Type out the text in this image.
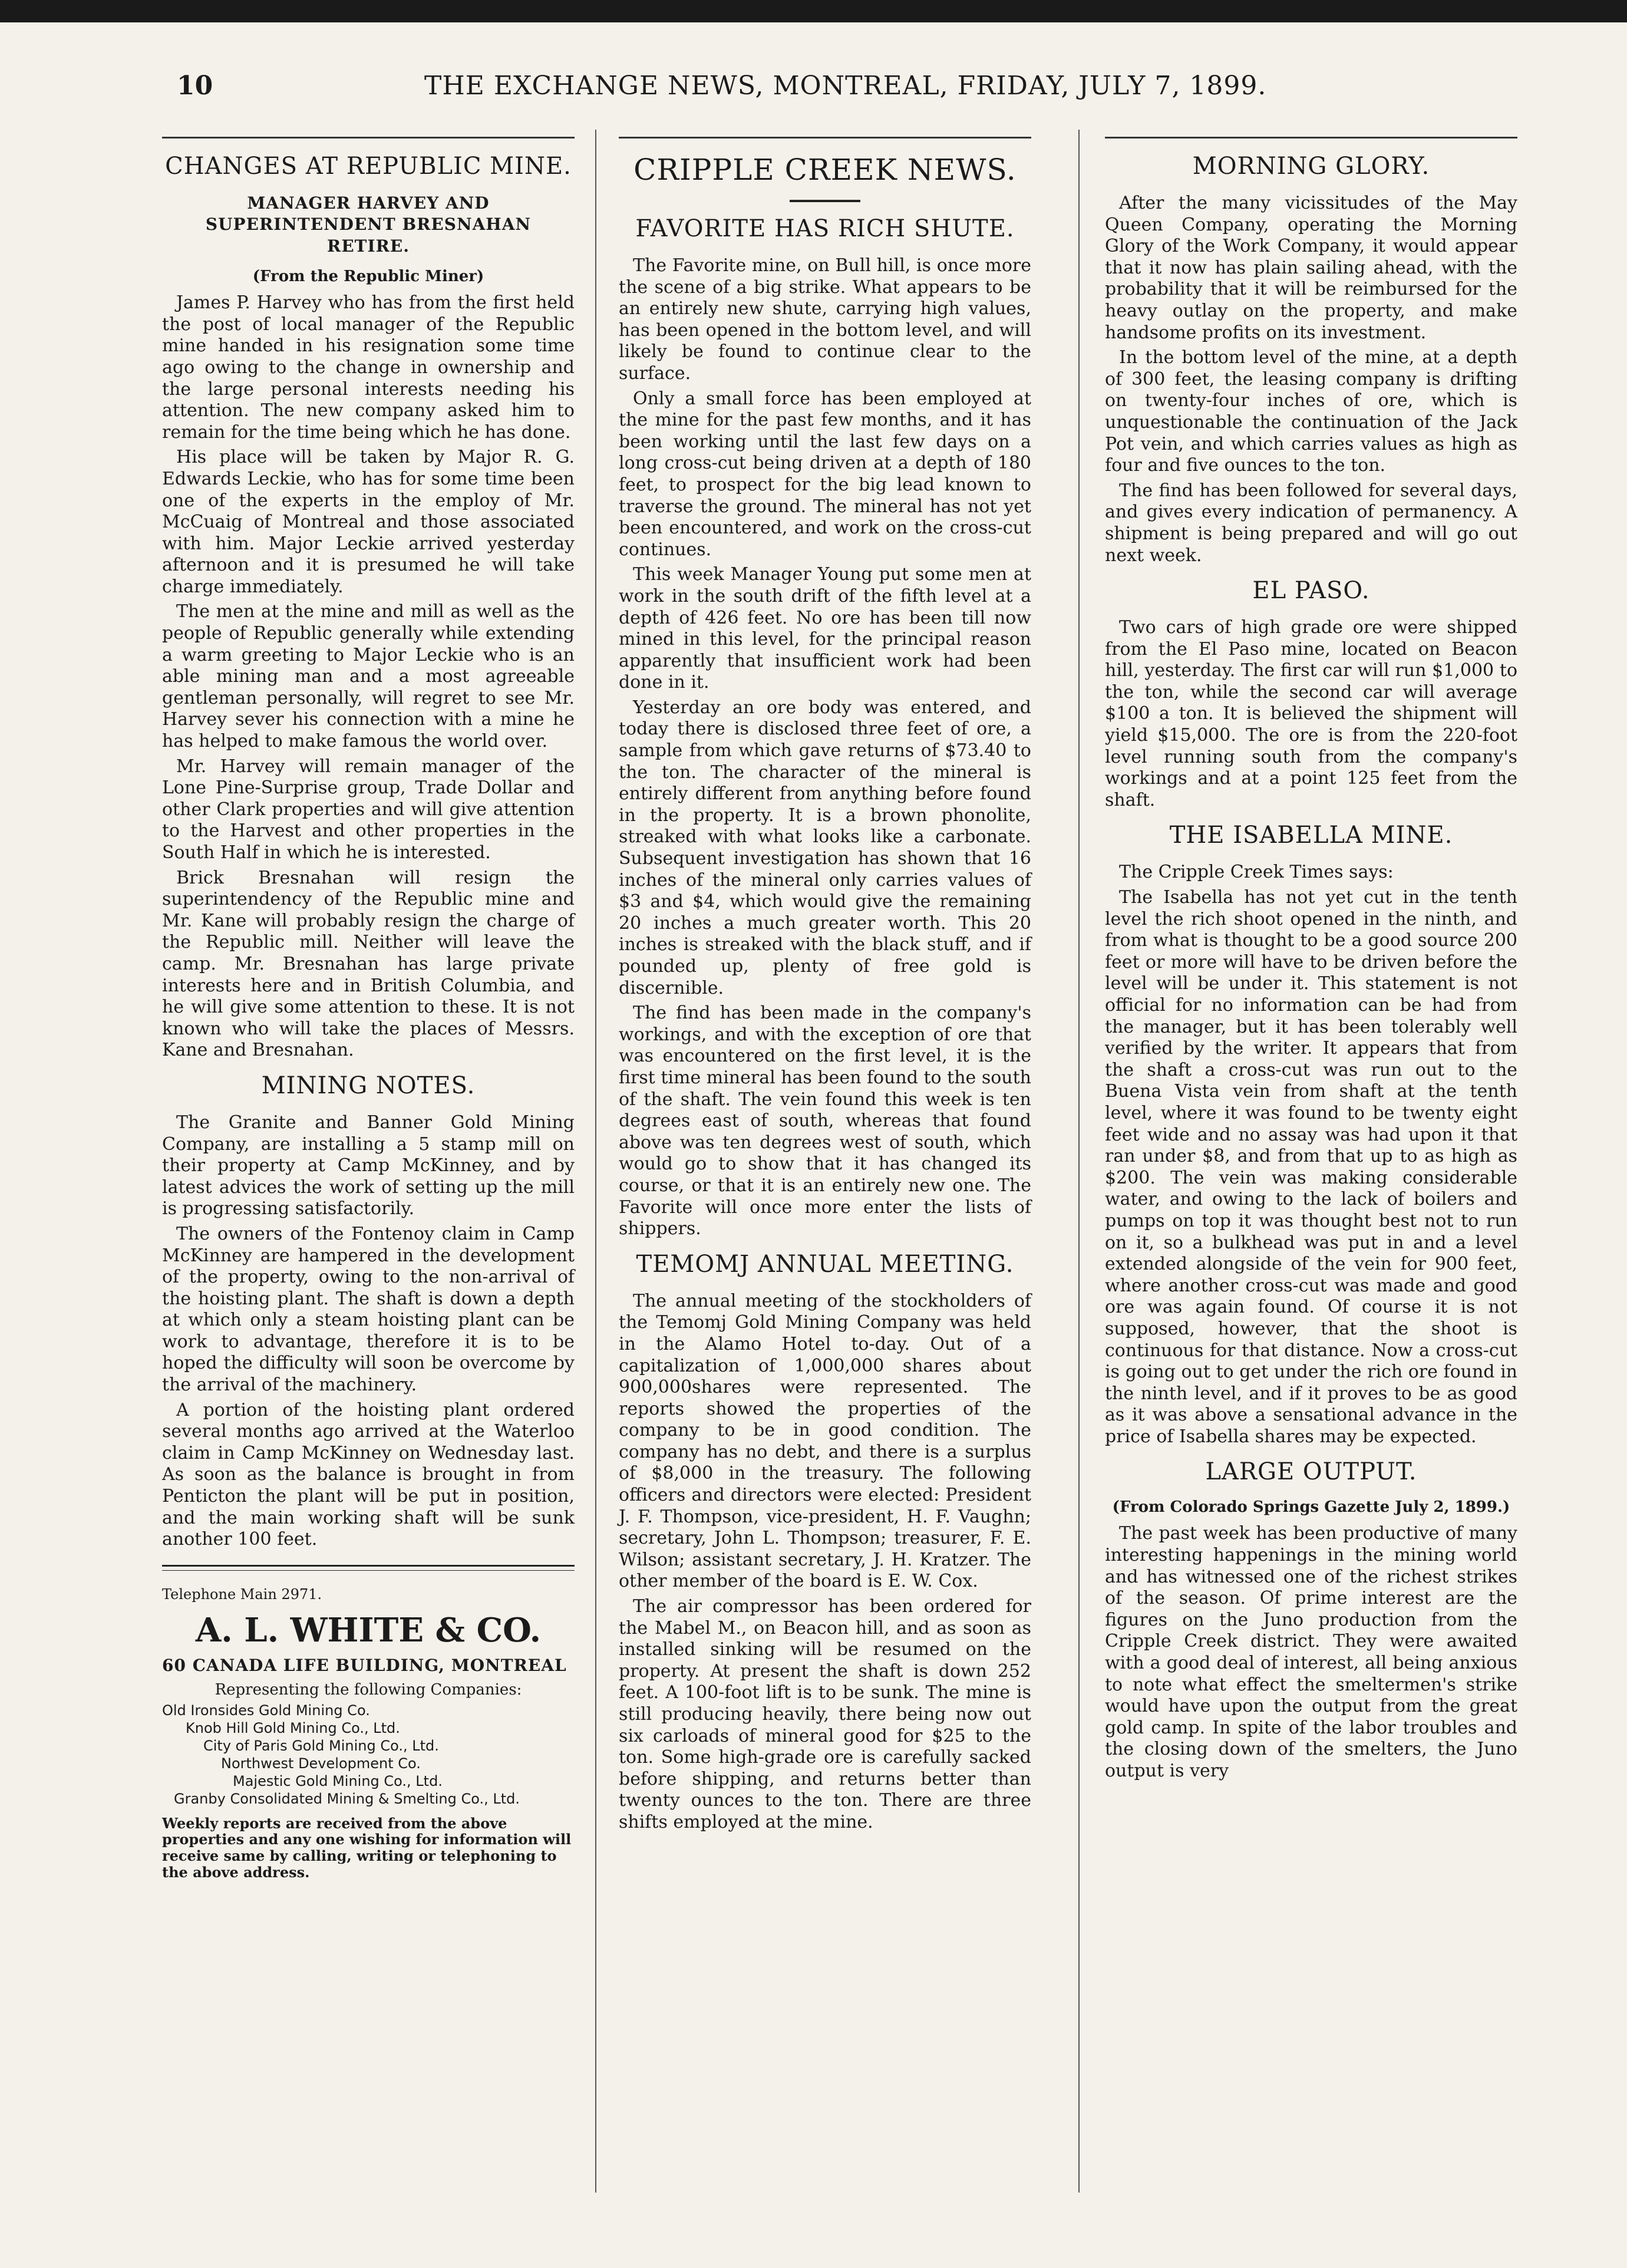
10	THE EXCHANGE NEWS, MONTREAL, FRIDAY, JULY 7, 1899.
CHANGES AT REPUBLIC MINE.
MANAGER HARVEY AND SUPERINTENDENT BRESNAHAN RETIRE.
(From the Republic Miner)

James P. Harvey who has from the first held the post of local manager of the Republic mine handed in his resignation some time ago owing to the change in ownership and the large personal interests needing his attention. The new company asked him to remain for the time being which he has done.

His place will be taken by Major R. G. Edwards Leckie, who has for some time been one of the experts in the employ of Mr. McCuaig of Montreal and those associated with him. Major Leckie arrived yesterday afternoon and it is presumed he will take charge immediately.

The men at the mine and mill as well as the people of Republic generally while extending a warm greeting to Major Leckie who is an able mining man and a most agreeable gentleman personally, will regret to see Mr. Harvey sever his connection with a mine he has helped to make famous the world over.

Mr. Harvey will remain manager of the Lone Pine-Surprise group, Trade Dollar and other Clark properties and will give attention to the Harvest and other properties in the South Half in which he is interested.

Brick Bresnahan will resign the superintendency of the Republic mine and Mr. Kane will probably resign the charge of the Republic mill. Neither will leave the camp. Mr. Bresnahan has large private interests here and in British Columbia, and he will give some attention to these. It is not known who will take the places of Messrs. Kane and Bresnahan.

MINING NOTES.

The Granite and Banner Gold Mining Company, are installing a 5 stamp mill on their property at Camp McKinney, and by latest advices the work of setting up the mill is progressing satisfactorily.

The owners of the Fontenoy claim in Camp McKinney are hampered in the development of the property, owing to the non-arrival of the hoisting plant. The shaft is down a depth at which only a steam hoisting plant can be work to advantage, therefore it is to be hoped the difficulty will soon be overcome by the arrival of the machinery.

A portion of the hoisting plant ordered several months ago arrived at the Waterloo claim in Camp McKinney on Wednesday last. As soon as the balance is brought in from Penticton the plant will be put in position, and the main working shaft will be sunk another 100 feet.

Telephone Main 2971.
A. L. WHITE & CO.
60 CANADA LIFE BUILDING, MONTREAL
Representing the following Companies:
Old Ironsides Gold Mining Co.
Knob Hill Gold Mining Co., Ltd.
City of Paris Gold Mining Co., Ltd.
Northwest Development Co.
Majestic Gold Mining Co., Ltd.
Granby Consolidated Mining & Smelting Co., Ltd.
Weekly reports are received from the above properties and any one wishing for information will receive same by calling, writing or telephoning to the above address.
CRIPPLE CREEK NEWS.
FAVORITE HAS RICH SHUTE.

The Favorite mine, on Bull hill, is once more the scene of a big strike. What appears to be an entirely new shute, carrying high values, has been opened in the bottom level, and will likely be found to continue clear to the surface.

Only a small force has been employed at the mine for the past few months, and it has been working until the last few days on a long cross-cut being driven at a depth of 180 feet, to prospect for the big lead known to traverse the ground. The mineral has not yet been encountered, and work on the cross-cut continues.

This week Manager Young put some men at work in the south drift of the fifth level at a depth of 426 feet. No ore has been till now mined in this level, for the principal reason apparently that insufficient work had been done in it.

Yesterday an ore body was entered, and today there is disclosed three feet of ore, a sample from which gave returns of $73.40 to the ton. The character of the mineral is entirely different from anything before found in the property. It is a brown phonolite, streaked with what looks like a carbonate. Subsequent investigation has shown that 16 inches of the mineral only carries values of $3 and $4, which would give the remaining 20 inches a much greater worth. This 20 inches is streaked with the black stuff, and if pounded up, plenty of free gold is discernible.

The find has been made in the company's workings, and with the exception of ore that was encountered on the first level, it is the first time mineral has been found to the south of the shaft. The vein found this week is ten degrees east of south, whereas that found above was ten degrees west of south, which would go to show that it has changed its course, or that it is an entirely new one. The Favorite will once more enter the lists of shippers.

TEMOMJ ANNUAL MEETING.

The annual meeting of the stockholders of the Temomj Gold Mining Company was held in the Alamo Hotel to-day. Out of a capitalization of 1,000,000 shares about 900,000shares were represented. The reports showed the properties of the company to be in good condition. The company has no debt, and there is a surplus of $8,000 in the treasury. The following officers and directors were elected: President J. F. Thompson, vice-president, H. F. Vaughn; secretary, John L. Thompson; treasurer, F. E. Wilson; assistant secretary, J. H. Kratzer. The other member of the board is E. W. Cox.

The air compressor has been ordered for the Mabel M., on Beacon hill, and as soon as installed sinking will be resumed on the property. At present the shaft is down 252 feet. A 100-foot lift is to be sunk. The mine is still producing heavily, there being now out six carloads of mineral good for $25 to the ton. Some high-grade ore is carefully sacked before shipping, and returns better than twenty ounces to the ton. There are three shifts employed at the mine.

MORNING GLORY.

After the many vicissitudes of the May Queen Company, operating the Morning Glory of the Work Company, it would appear that it now has plain sailing ahead, with the probability that it will be reimbursed for the heavy outlay on the property, and make handsome profits on its investment.

In the bottom level of the mine, at a depth of 300 feet, the leasing company is drifting on twenty-four inches of ore, which is unquestionable the continuation of the Jack Pot vein, and which carries values as high as four and five ounces to the ton.

The find has been followed for several days, and gives every indication of permanency. A shipment is being prepared and will go out next week.

EL PASO.

Two cars of high grade ore were shipped from the El Paso mine, located on Beacon hill, yesterday. The first car will run $1,000 to the ton, while the second car will average $100 a ton. It is believed the shipment will yield $15,000. The ore is from the 220-foot level running south from the company's workings and at a point 125 feet from the shaft.

THE ISABELLA MINE.

The Cripple Creek Times says:

The Isabella has not yet cut in the tenth level the rich shoot opened in the ninth, and from what is thought to be a good source 200 feet or more will have to be driven before the level will be under it. This statement is not official for no information can be had from the manager, but it has been tolerably well verified by the writer. It appears that from the shaft a cross-cut was run out to the Buena Vista vein from shaft at the tenth level, where it was found to be twenty eight feet wide and no assay was had upon it that ran under $8, and from that up to as high as $200. The vein was making considerable water, and owing to the lack of boilers and pumps on top it was thought best not to run on it, so a bulkhead was put in and a level extended alongside of the vein for 900 feet, where another cross-cut was made and good ore was again found. Of course it is not supposed, however, that the shoot is continuous for that distance. Now a cross-cut is going out to get under the rich ore found in the ninth level, and if it proves to be as good as it was above a sensational advance in the price of Isabella shares may be expected.

LARGE OUTPUT.
(From Colorado Springs Gazette July 2, 1899.)

The past week has been productive of many interesting happenings in the mining world and has witnessed one of the richest strikes of the season. Of prime interest are the figures on the Juno production from the Cripple Creek district. They were awaited with a good deal of interest, all being anxious to note what effect the smeltermen's strike would have upon the output from the great gold camp. In spite of the labor troubles and the closing down of the smelters, the Juno output is very
